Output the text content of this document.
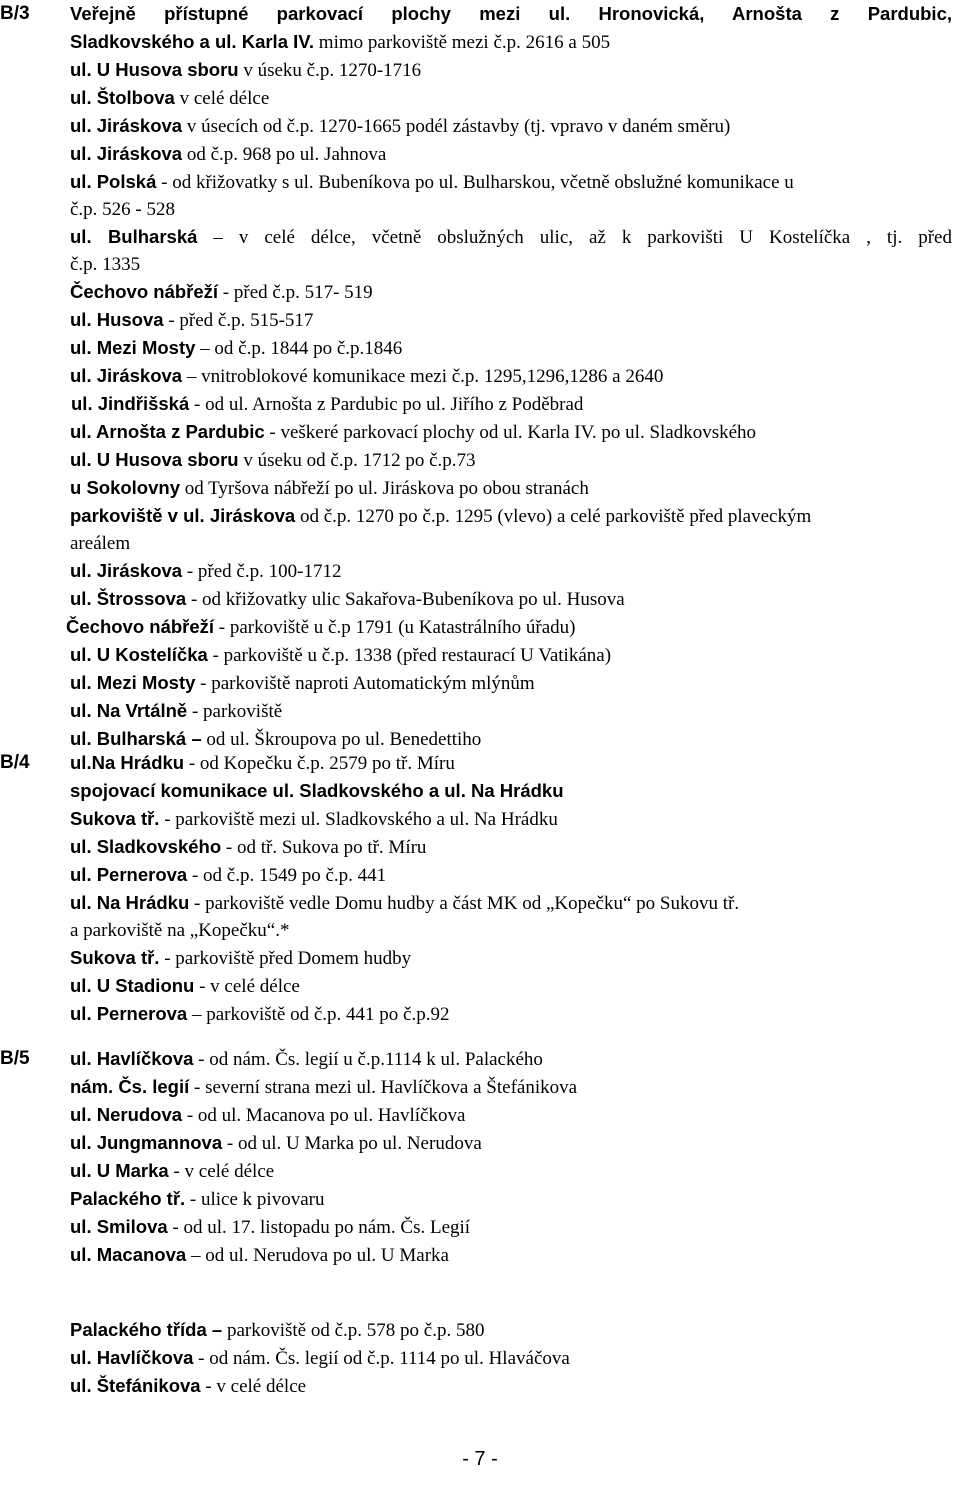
B/3 Veřejně přístupné parkovací plochy mezi ul. Hronovická, Arnošta z Pardubic,
Sladkovského a ul. Karla IV. mimo parkoviště mezi č.p. 2616 a 505
ul. U Husova sboru v úseku č.p. 1270-1716
ul. Štolbova v celé délce
ul. Jiráskova v úsecích od č.p. 1270-1665 podél zástavby (tj. vpravo v daném směru)
ul. Jiráskova od č.p. 968 po ul. Jahnova
ul. Polská - od křižovatky s ul. Bubeníkova po ul. Bulharskou, včetně obslužné komunikace u
č.p. 526 - 528
ul. Bulharská – v celé délce, včetně obslužných ulic, až k parkovišti U Kostelíčka , tj. před
č.p. 1335
Čechovo nábřeží - před č.p. 517- 519
ul. Husova - před č.p. 515-517
ul. Mezi Mosty – od č.p. 1844 po č.p.1846
ul. Jiráskova – vnitroblokové komunikace mezi č.p. 1295,1296,1286 a 2640
ul. Jindřišská - od ul. Arnošta z Pardubic po ul. Jiřího z Poděbrad
ul. Arnošta z Pardubic - veškeré parkovací plochy od ul. Karla IV. po ul. Sladkovského
ul. U Husova sboru v úseku od č.p. 1712 po č.p.73
u Sokolovny od Tyršova nábřeží po ul. Jiráskova po obou stranách
parkoviště v ul. Jiráskova od č.p. 1270 po č.p. 1295 (vlevo) a celé parkoviště před plaveckým
areálem
ul. Jiráskova - před č.p. 100-1712
ul. Štrossova - od křižovatky ulic Sakařova-Bubeníkova po ul. Husova
Čechovo nábřeží - parkoviště u č.p 1791 (u Katastrálního úřadu)
ul. U Kostelíčka - parkoviště u č.p. 1338 (před restaurací U Vatikána)
ul. Mezi Mosty - parkoviště naproti Automatickým mlýnům
ul. Na Vrtálně - parkoviště
ul. Bulharská – od ul. Škroupova po ul. Benedettiho
B/4 ul.Na Hrádku - od Kopečku č.p. 2579 po tř. Míru
spojovací komunikace ul. Sladkovského a ul. Na Hrádku
Sukova tř. - parkoviště mezi ul. Sladkovského a ul. Na Hrádku
ul. Sladkovského - od tř. Sukova po tř. Míru
ul. Pernerova - od č.p. 1549 po č.p. 441
ul. Na Hrádku - parkoviště vedle Domu hudby a část MK od „Kopečku“ po Sukovu tř.
a parkoviště na „Kopečku“.*
Sukova tř. - parkoviště před Domem hudby
ul. U Stadionu - v celé délce
ul. Pernerova – parkoviště od č.p. 441 po č.p.92
B/5 ul. Havlíčkova - od nám. Čs. legií u č.p.1114 k ul. Palackého
nám. Čs. legií - severní strana mezi ul. Havlíčkova a Štefánikova
ul. Nerudova - od ul. Macanova po ul. Havlíčkova
ul. Jungmannova - od ul. U Marka po ul. Nerudova
ul. U Marka - v celé délce
Palackého tř. - ulice k pivovaru
ul. Smilova - od ul. 17. listopadu po nám. Čs. Legií
ul. Macanova – od ul. Nerudova po ul. U Marka
Palackého třída – parkoviště od č.p. 578 po č.p. 580
ul. Havlíčkova - od nám. Čs. legií od č.p. 1114 po ul. Hlaváčova
ul. Štefánikova - v celé délce
- 7 -
